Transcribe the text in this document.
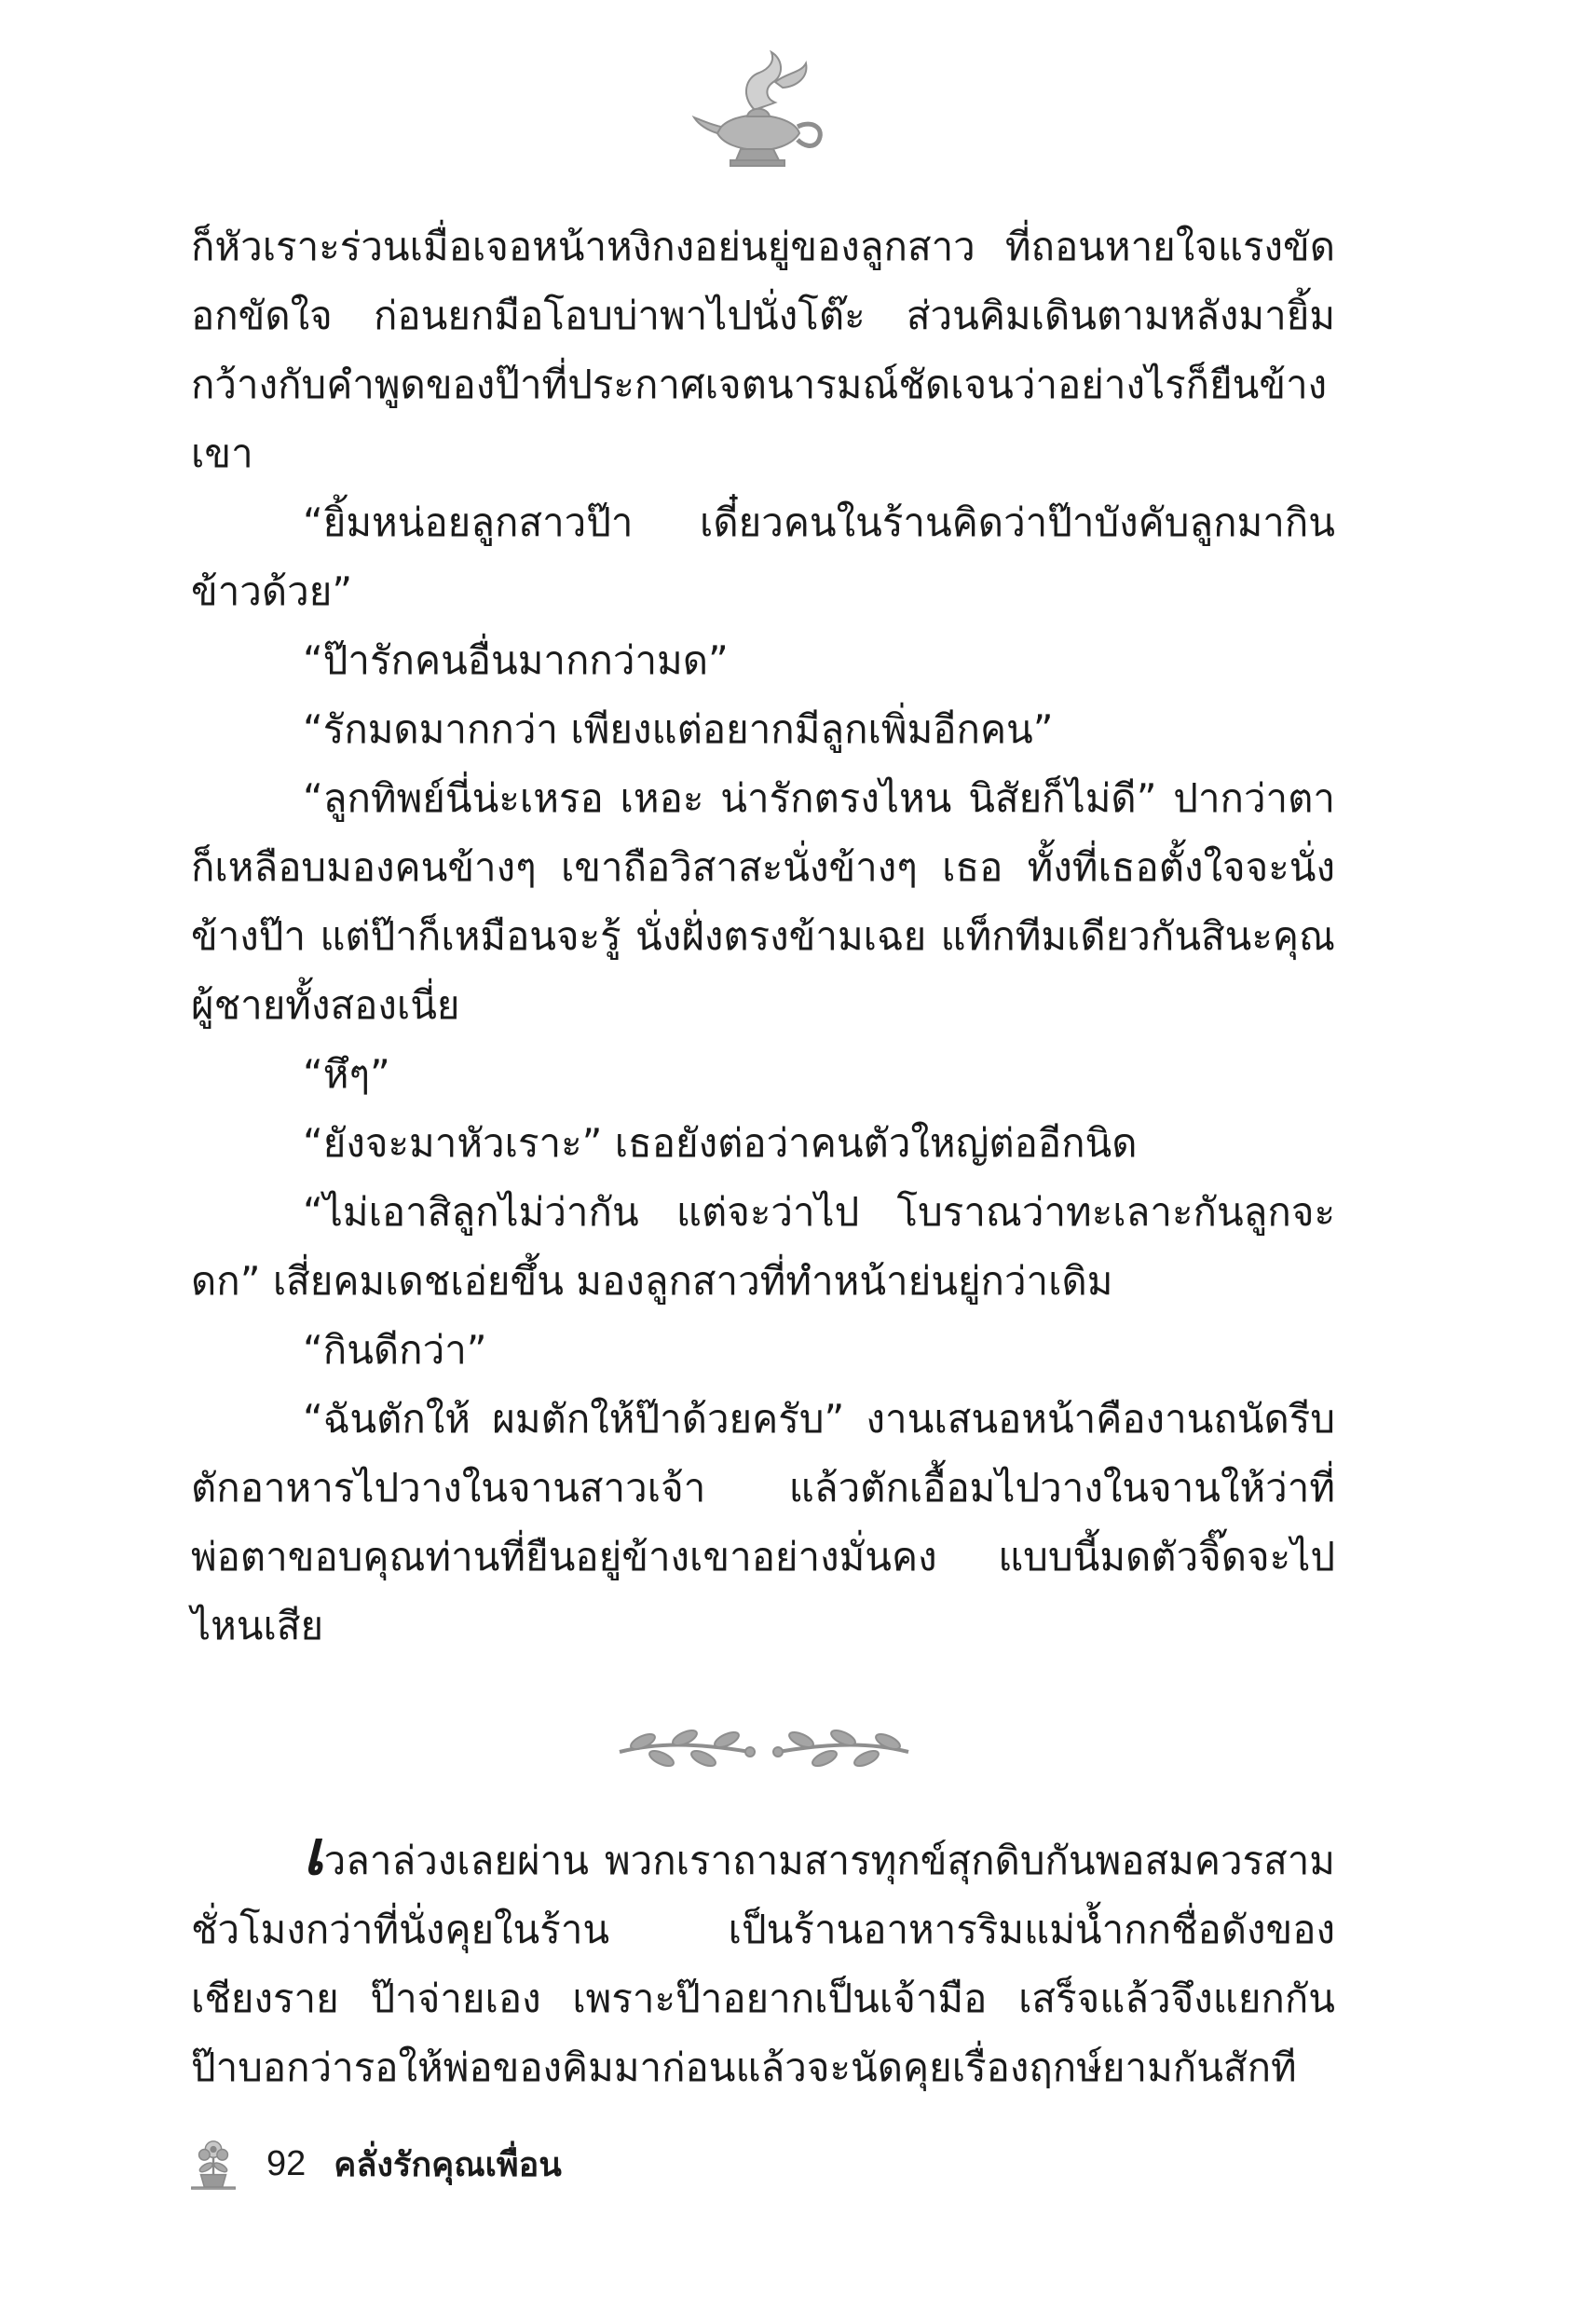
ก็หัวเราะร่วนเมื่อเจอหน้าหงิกงอย่นยู่ของลูกสาว ที่ถอนหายใจแรงขัดอกขัดใจ ก่อนยกมือโอบบ่าพาไปนั่งโต๊ะ ส่วนคิมเดินตามหลังมายิ้มกว้างกับคำพูดของป๊าที่ประกาศเจตนารมณ์ชัดเจนว่าอย่างไรก็ยืนข้างเขา

“ยิ้มหน่อยลูกสาวป๊า เดี๋ยวคนในร้านคิดว่าป๊าบังคับลูกมากินข้าวด้วย”

“ป๊ารักคนอื่นมากกว่ามด”

“รักมดมากกว่า เพียงแต่อยากมีลูกเพิ่มอีกคน”

“ลูกทิพย์นี่น่ะเหรอ เหอะ น่ารักตรงไหน นิสัยก็ไม่ดี” ปากว่าตาก็เหลือบมองคนข้างๆ เขาถือวิสาสะนั่งข้างๆ เธอ ทั้งที่เธอตั้งใจจะนั่งข้างป๊า แต่ป๊าก็เหมือนจะรู้ นั่งฝั่งตรงข้ามเฉย แท็กทีมเดียวกันสินะคุณผู้ชายทั้งสองเนี่ย

“หึๆ”

“ยังจะมาหัวเราะ” เธอยังต่อว่าคนตัวใหญ่ต่ออีกนิด

“ไม่เอาสิลูกไม่ว่ากัน แต่จะว่าไป โบราณว่าทะเลาะกันลูกจะดก” เสี่ยคมเดชเอ่ยขึ้น มองลูกสาวที่ทำหน้าย่นยู่กว่าเดิม

“กินดีกว่า”

“ฉันตักให้ ผมตักให้ป๊าด้วยครับ” งานเสนอหน้าคืองานถนัดรีบตักอาหารไปวางในจานสาวเจ้า แล้วตักเอื้อมไปวางในจานให้ว่าที่พ่อตาขอบคุณท่านที่ยืนอยู่ข้างเขาอย่างมั่นคง แบบนี้มดตัวจิ๊ดจะไปไหนเสีย

เวลาล่วงเลยผ่าน พวกเราถามสารทุกข์สุกดิบกันพอสมควรสามชั่วโมงกว่าที่นั่งคุยในร้าน เป็นร้านอาหารริมแม่น้ำกกชื่อดังของเชียงราย ป๊าจ่ายเอง เพราะป๊าอยากเป็นเจ้ามือ เสร็จแล้วจึงแยกกันป๊าบอกว่ารอให้พ่อของคิมมาก่อนแล้วจะนัดคุยเรื่องฤกษ์ยามกันสักที

92 คลั่งรักคุณเพื่อน
